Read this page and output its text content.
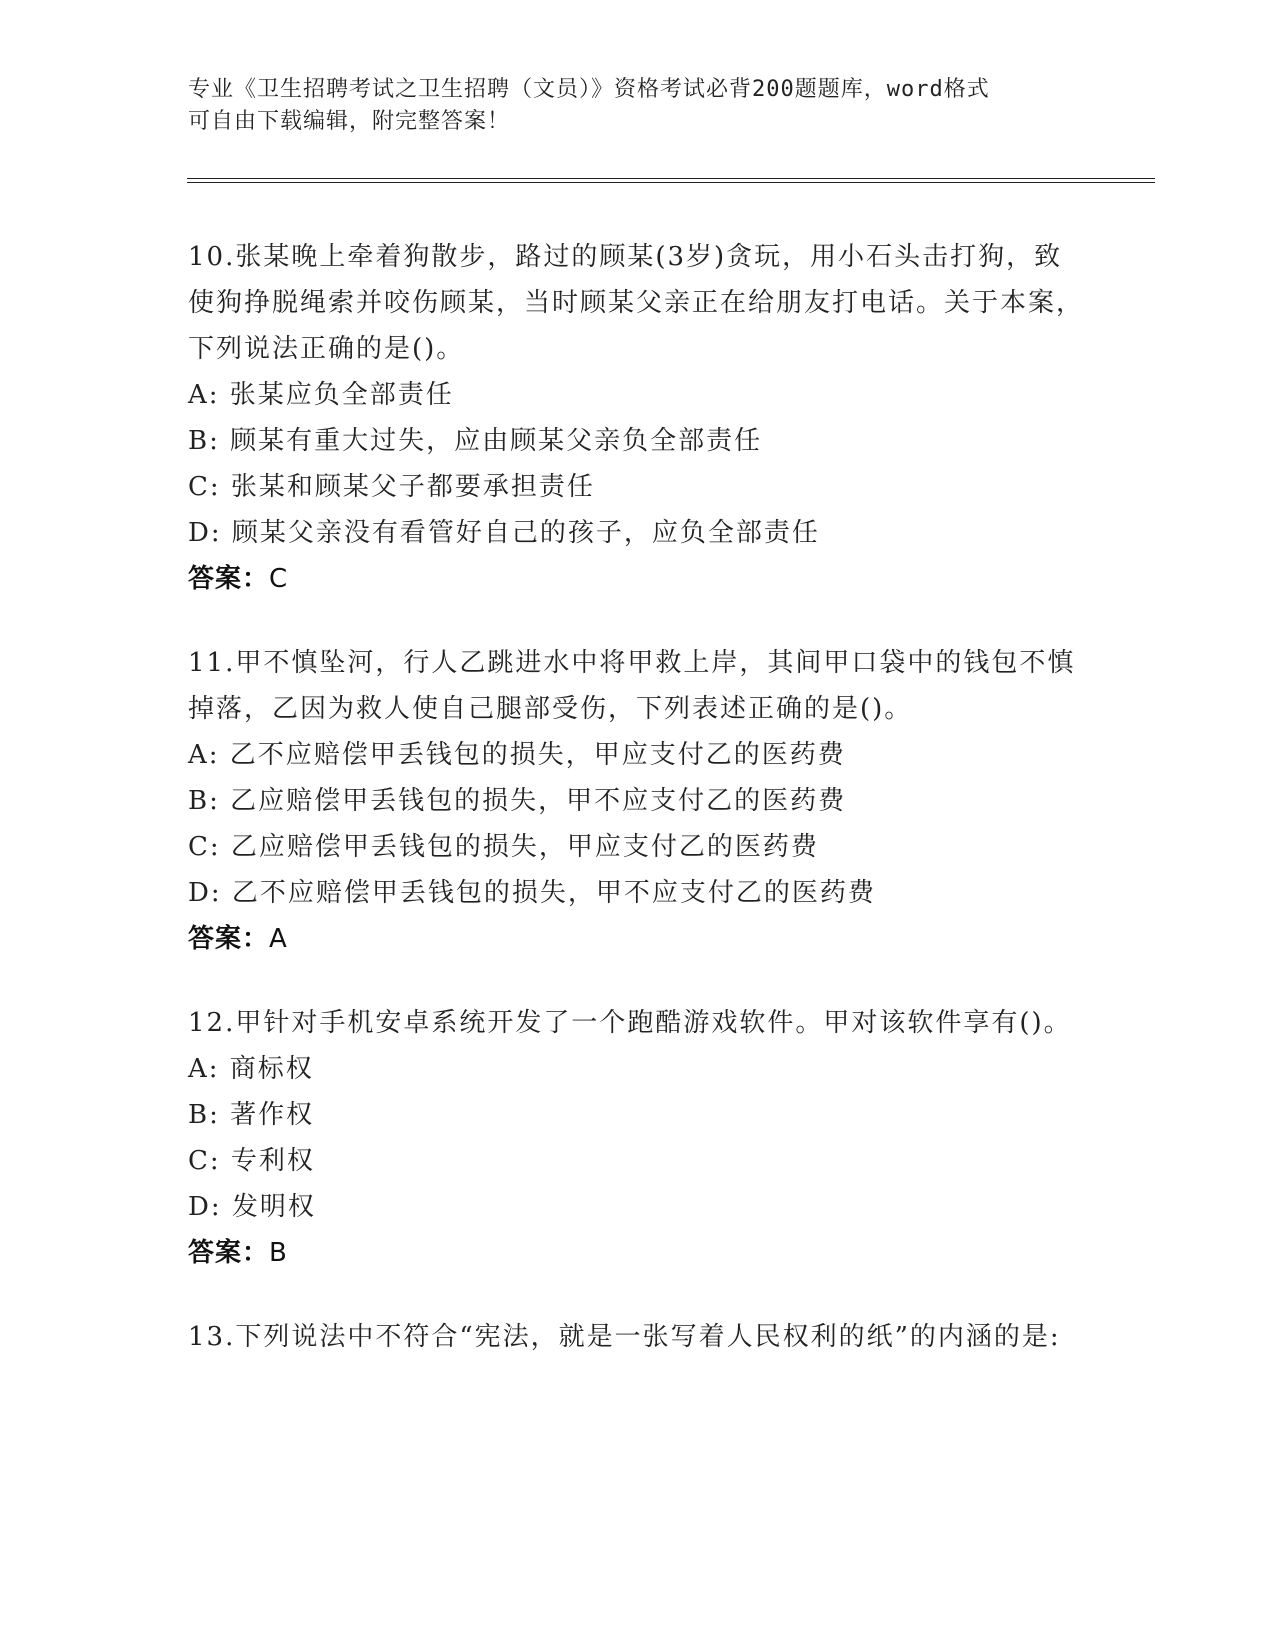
专业《卫生招聘考试之卫生招聘（文员）》资格考试必背200题题库，word格式
可自由下载编辑，附完整答案！
10.张某晚上牵着狗散步，路过的顾某(3岁)贪玩，用小石头击打狗，致使狗挣脱绳索并咬伤顾某，当时顾某父亲正在给朋友打电话。关于本案，下列说法正确的是()。
A: 张某应负全部责任
B: 顾某有重大过失，应由顾某父亲负全部责任
C: 张某和顾某父子都要承担责任
D: 顾某父亲没有看管好自己的孩子，应负全部责任
答案：C
11.甲不慎坠河，行人乙跳进水中将甲救上岸，其间甲口袋中的钱包不慎掉落，乙因为救人使自己腿部受伤，下列表述正确的是()。
A: 乙不应赔偿甲丢钱包的损失，甲应支付乙的医药费
B: 乙应赔偿甲丢钱包的损失，甲不应支付乙的医药费
C: 乙应赔偿甲丢钱包的损失，甲应支付乙的医药费
D: 乙不应赔偿甲丢钱包的损失，甲不应支付乙的医药费
答案：A
12.甲针对手机安卓系统开发了一个跑酷游戏软件。甲对该软件享有()。
A: 商标权
B: 著作权
C: 专利权
D: 发明权
答案：B
13.下列说法中不符合“宪法，就是一张写着人民权利的纸”的内涵的是:
